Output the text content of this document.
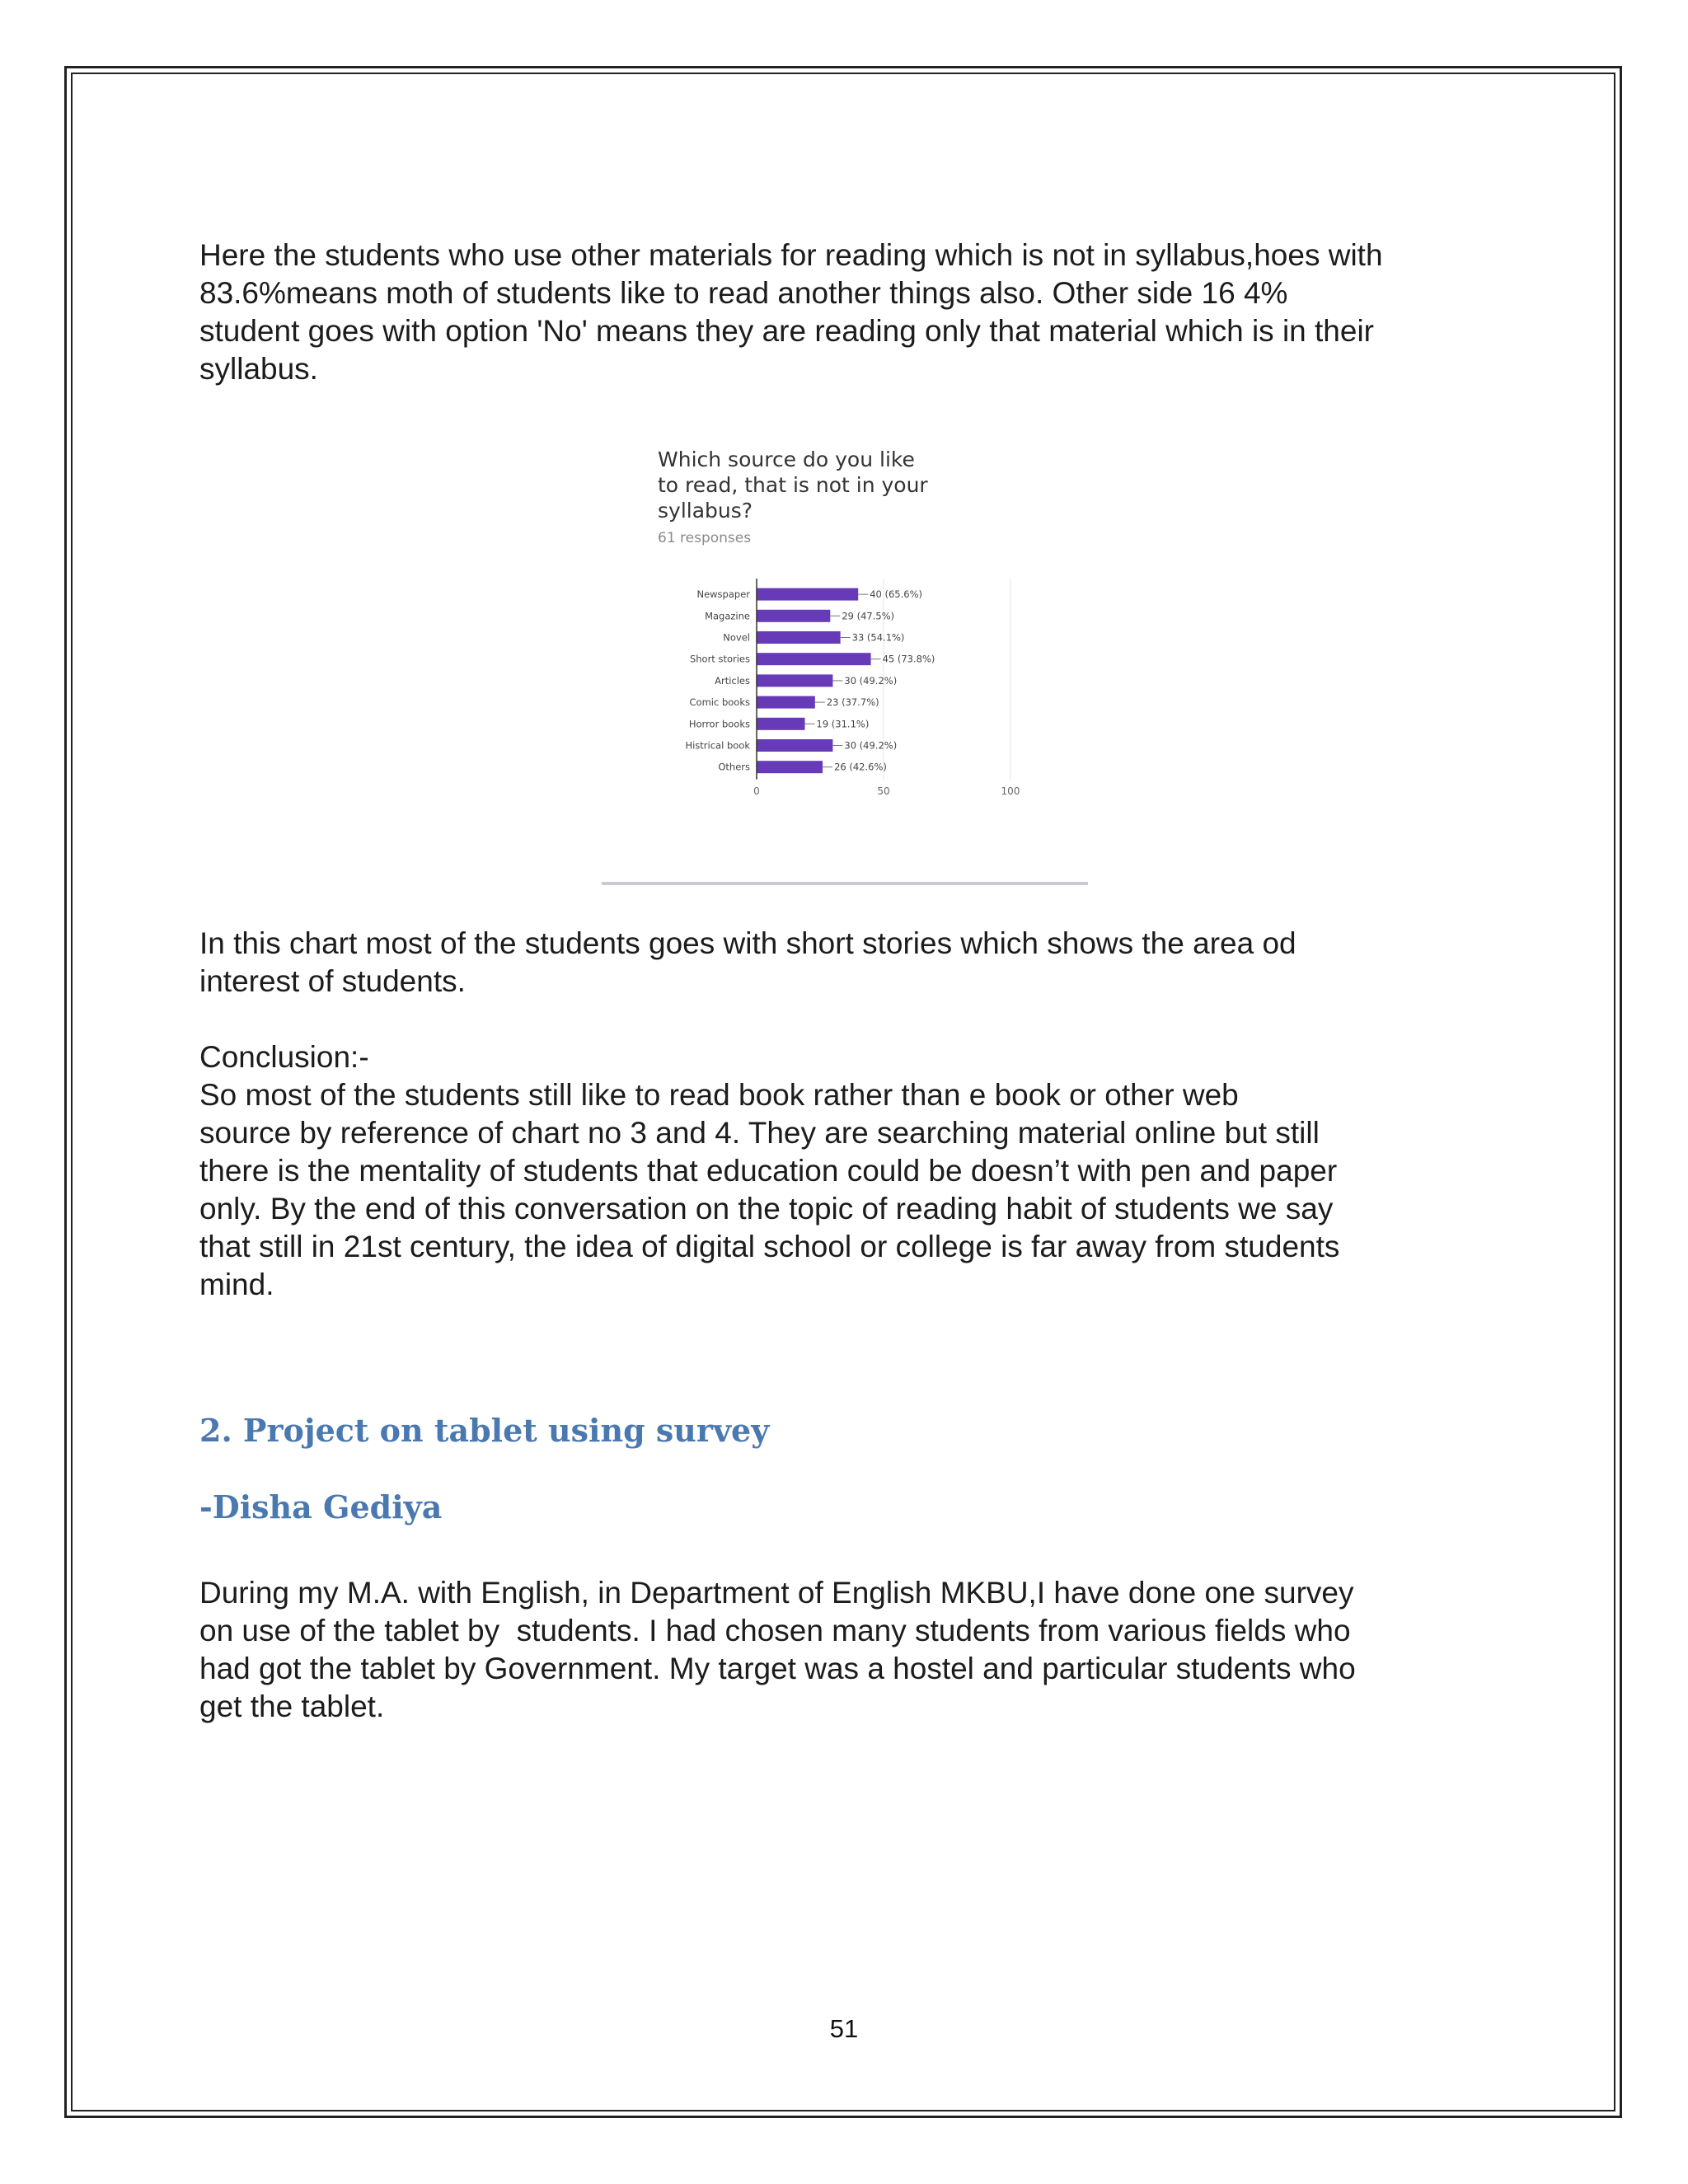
Here the students who use other materials for reading which is not in syllabus,hoes with
83.6%means moth of students like to read another things also. Other side 16 4%
student goes with option 'No' means they are reading only that material which is in their
syllabus.

Which source do you like
to read, that is not in your
syllabus?
61 responses
0	50	100
Newspaper	40 (65.6%)
Magazine	29 (47.5%)
Novel	33 (54.1%)
Short stories	45 (73.8%)
Articles	30 (49.2%)
Comic books	23 (37.7%)
Horror books	19 (31.1%)
Histrical book	30 (49.2%)
Others	26 (42.6%)

In this chart most of the students goes with short stories which shows the area od
interest of students.

Conclusion:-
So most of the students still like to read book rather than e book or other web
source by reference of chart no 3 and 4. They are searching material online but still
there is the mentality of students that education could be doesn’t with pen and paper
only. By the end of this conversation on the topic of reading habit of students we say
that still in 21st century, the idea of digital school or college is far away from students
mind.

2. Project on tablet using survey
-Disha Gediya

During my M.A. with English, in Department of English MKBU,I have done one survey
on use of the tablet by  students. I had chosen many students from various fields who
had got the tablet by Government. My target was a hostel and particular students who
get the tablet.

51
